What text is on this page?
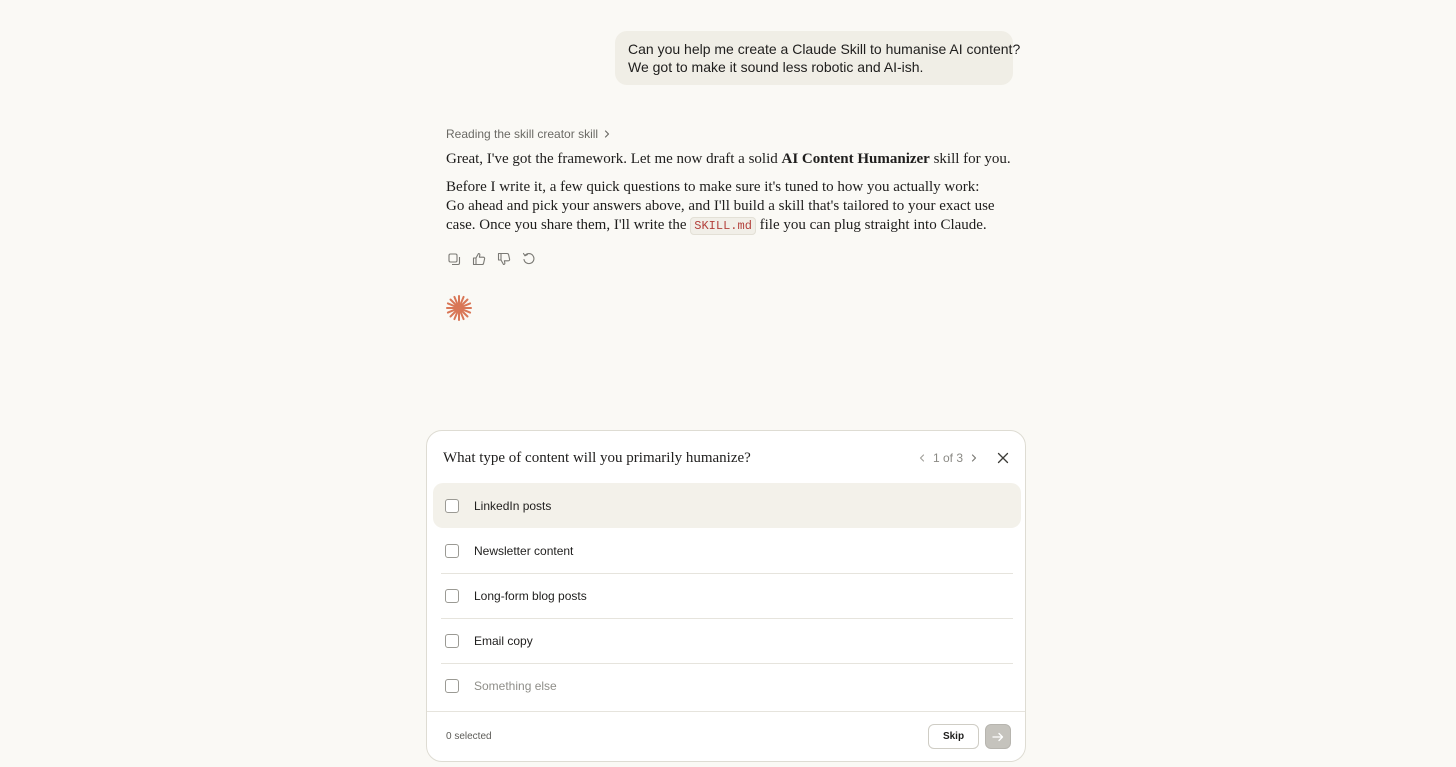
Can you help me create a Claude Skill to humanise AI content?
We got to make it sound less robotic and AI-ish.
Reading the skill creator skill
Great, I've got the framework. Let me now draft a solid AI Content Humanizer skill for you.
Before I write it, a few quick questions to make sure it's tuned to how you actually work:
Go ahead and pick your answers above, and I'll build a skill that's tailored to your exact use
case. Once you share them, I'll write the SKILL.md file you can plug straight into Claude.
What type of content will you primarily humanize?	1 of 3
LinkedIn posts
Newsletter content
Long-form blog posts
Email copy
Something else
0 selected	Skip
